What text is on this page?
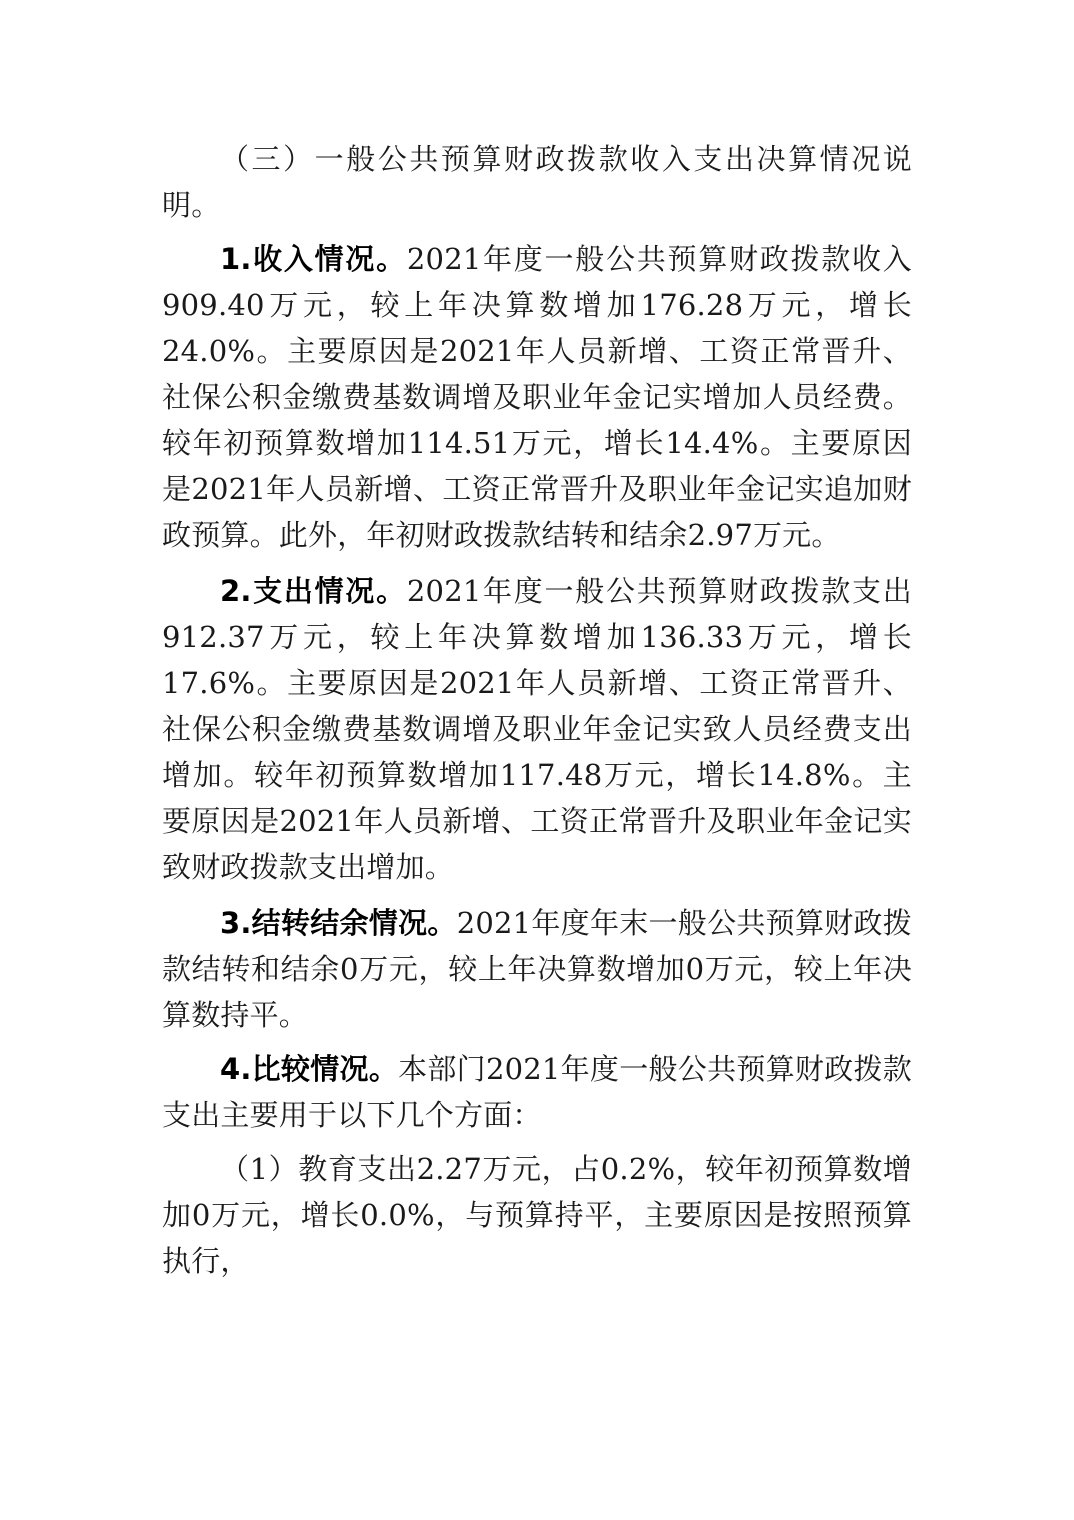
（三）一般公共预算财政拨款收入支出决算情况说明。

1.收入情况。2021年度一般公共预算财政拨款收入909.40万元，较上年决算数增加176.28万元，增长24.0%。主要原因是2021年人员新增、工资正常晋升、社保公积金缴费基数调增及职业年金记实增加人员经费。较年初预算数增加114.51万元，增长14.4%。主要原因是2021年人员新增、工资正常晋升及职业年金记实追加财政预算。此外，年初财政拨款结转和结余2.97万元。

2.支出情况。2021年度一般公共预算财政拨款支出912.37万元，较上年决算数增加136.33万元，增长17.6%。主要原因是2021年人员新增、工资正常晋升、社保公积金缴费基数调增及职业年金记实致人员经费支出增加。较年初预算数增加117.48万元，增长14.8%。主要原因是2021年人员新增、工资正常晋升及职业年金记实致财政拨款支出增加。

3.结转结余情况。2021年度年末一般公共预算财政拨款结转和结余0万元，较上年决算数增加0万元，较上年决算数持平。

4.比较情况。本部门2021年度一般公共预算财政拨款支出主要用于以下几个方面：

（1）教育支出2.27万元，占0.2%，较年初预算数增加0万元，增长0.0%，与预算持平，主要原因是按照预算执行，
